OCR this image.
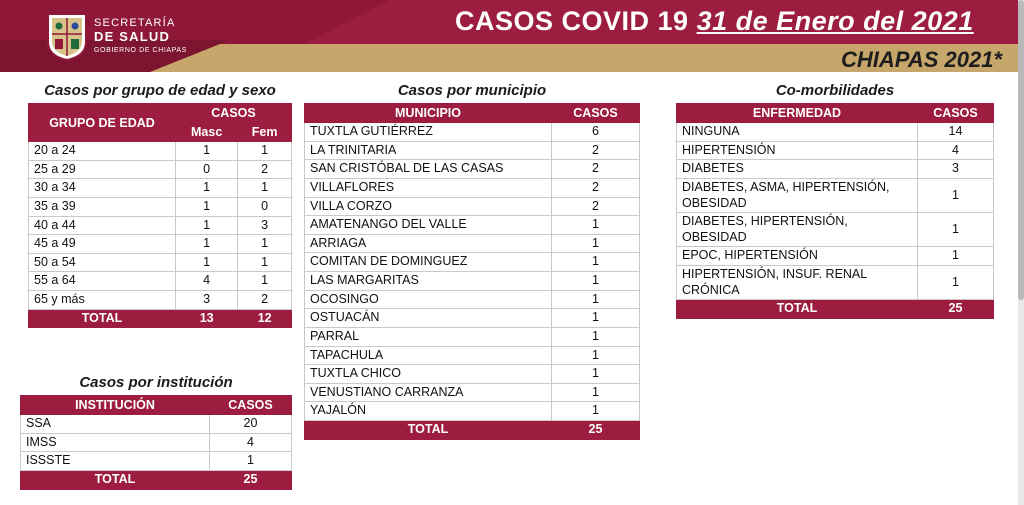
SECRETARÍA
DE SALUD
GOBIERNO DE CHIAPAS
CASOS COVID 19 31 de Enero del 2021
CHIAPAS 2021*
Casos por grupo de edad y sexo
GRUPO DE EDAD	CASOS	
	Masc	Fem
20 a 24	1	1
25 a 29	0	2
30 a 34	1	1
35 a 39	1	0
40 a 44	1	3
45 a 49	1	1
50 a 54	1	1
55 a 64	4	1
65 y más	3	2
TOTAL	13	12
Casos por institución
INSTITUCIÓN	CASOS
SSA	20
IMSS	4
ISSSTE	1
TOTAL	25
Casos por municipio
MUNICIPIO	CASOS
TUXTLA GUTIÉRREZ	6
LA TRINITARIA	2
SAN CRISTÓBAL DE LAS CASAS	2
VILLAFLORES	2
VILLA CORZO	2
AMATENANGO DEL VALLE	1
ARRIAGA	1
COMITAN DE DOMINGUEZ	1
LAS MARGARITAS	1
OCOSINGO	1
OSTUACÁN	1
PARRAL	1
TAPACHULA	1
TUXTLA CHICO	1
VENUSTIANO CARRANZA	1
YAJALÓN	1
TOTAL	25
Co-morbilidades
ENFERMEDAD	CASOS
NINGUNA	14
HIPERTENSIÓN	4
DIABETES	3
DIABETES, ASMA, HIPERTENSIÓN, OBESIDAD	1
DIABETES, HIPERTENSIÓN, OBESIDAD	1
EPOC, HIPERTENSIÓN	1
HIPERTENSIÓN, INSUF. RENAL CRÓNICA	1
TOTAL	25
